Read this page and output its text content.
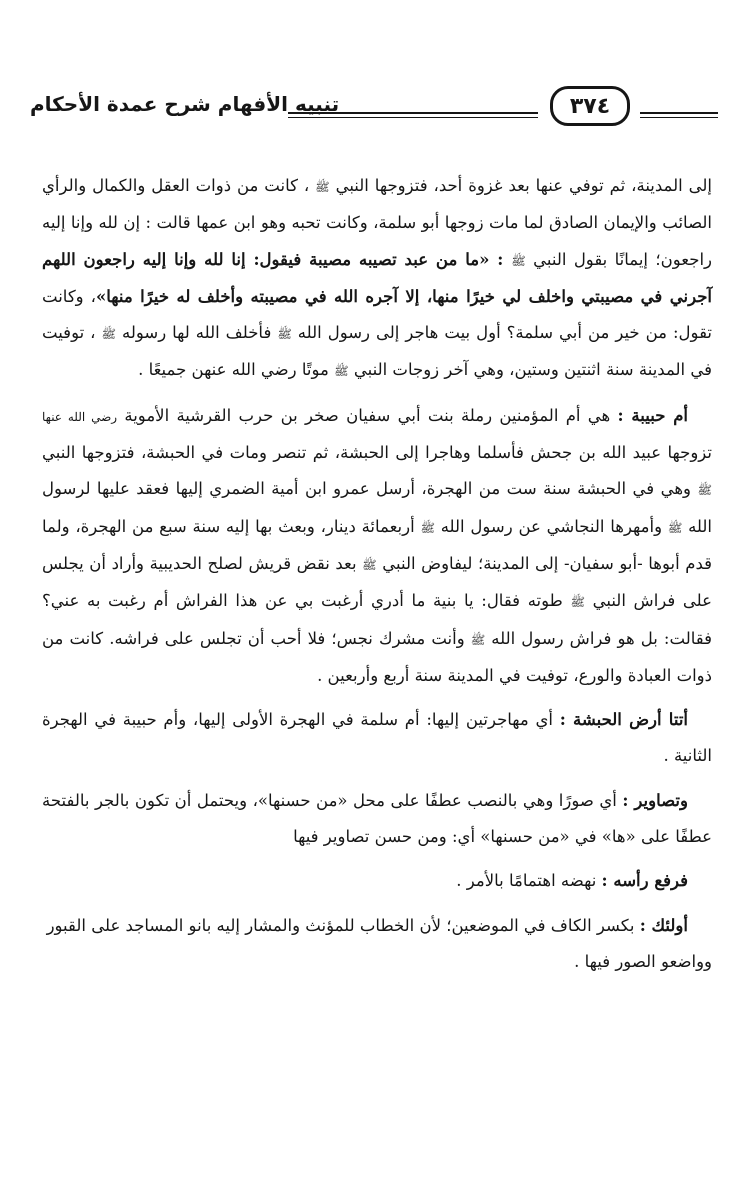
تنبيه الأفهام شرح عمدة الأحكام	٣٧٤

إلى المدينة، ثم توفي عنها بعد غزوة أحد، فتزوجها النبي ﷺ ، كانت من ذوات العقل والكمال والرأي الصائب والإيمان الصادق لما مات زوجها أبو سلمة، وكانت تحبه وهو ابن عمها قالت : إن لله وإنا إليه راجعون؛ إيمانًا بقول النبي ﷺ : «ما من عبد تصيبه مصيبة فيقول: إنا لله وإنا إليه راجعون اللهم آجرني في مصيبتي واخلف لي خيرًا منها، إلا آجره الله في مصيبته وأخلف له خيرًا منها»، وكانت تقول: من خير من أبي سلمة؟ أول بيت هاجر إلى رسول الله ﷺ فأخلف الله لها رسوله ﷺ ، توفيت في المدينة سنة اثنتين وستين، وهي آخر زوجات النبي ﷺ موتًا رضي الله عنهن جميعًا .

أم حبيبة : هي أم المؤمنين رملة بنت أبي سفيان صخر بن حرب القرشية الأموية رضي الله عنها تزوجها عبيد الله بن جحش فأسلما وهاجرا إلى الحبشة، ثم تنصر ومات في الحبشة، فتزوجها النبي ﷺ وهي في الحبشة سنة ست من الهجرة، أرسل عمرو ابن أمية الضمري إليها فعقد عليها لرسول الله ﷺ وأمهرها النجاشي عن رسول الله ﷺ أربعمائة دينار، وبعث بها إليه سنة سبع من الهجرة، ولما قدم أبوها -أبو سفيان- إلى المدينة؛ ليفاوض النبي ﷺ بعد نقض قريش لصلح الحديبية وأراد أن يجلس على فراش النبي ﷺ طوته فقال: يا بنية ما أدري أرغبت بي عن هذا الفراش أم رغبت به عني؟ فقالت: بل هو فراش رسول الله ﷺ وأنت مشرك نجس؛ فلا أحب أن تجلس على فراشه. كانت من ذوات العبادة والورع، توفيت في المدينة سنة أربع وأربعين .

أتتا أرض الحبشة : أي مهاجرتين إليها: أم سلمة في الهجرة الأولى إليها، وأم حبيبة في الهجرة الثانية .

وتصاوير : أي صورًا وهي بالنصب عطفًا على محل «من حسنها»، ويحتمل أن تكون بالجر بالفتحة عطفًا على «ها» في «من حسنها» أي: ومن حسن تصاوير فيها

فرفع رأسه : نهضه اهتمامًا بالأمر .

أولئك : بكسر الكاف في الموضعين؛ لأن الخطاب للمؤنث والمشار إليه بانو المساجد على القبور وواضعو الصور فيها .
